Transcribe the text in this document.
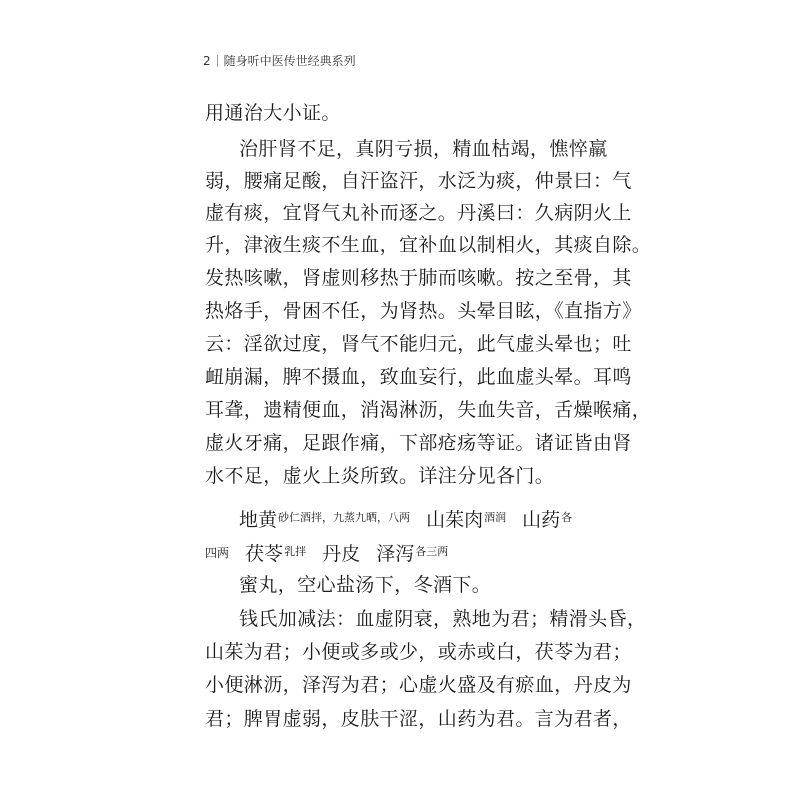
2 随身听中医传世经典系列
用通治大小证。
治肝肾不足，真阴亏损，精血枯竭，憔悴羸
弱，腰痛足酸，自汗盗汗，水泛为痰，仲景曰：气
虚有痰，宜肾气丸补而逐之。丹溪曰：久病阴火上
升，津液生痰不生血，宜补血以制相火，其痰自除。
发热咳嗽，肾虚则移热于肺而咳嗽。按之至骨，其
热烙手，骨困不任，为肾热。头晕目眩，《直指方》
云：淫欲过度，肾气不能归元，此气虚头晕也；吐
衄崩漏，脾不摄血，致血妄行，此血虚头晕。耳鸣
耳聋，遗精便血，消渴淋沥，失血失音，舌燥喉痛，
虚火牙痛，足跟作痛，下部疮疡等证。诸证皆由肾
水不足，虚火上炎所致。详注分见各门。
地黄$^{砂仁酒拌,九蒸九晒,八两}$ 山茱肉$^{酒润}$ 山药$^各$
四两 茯苓$^{乳拌}$ 丹皮 泽泻$^{各三两}$
蜜丸，空心盐汤下，冬酒下。
钱氏加减法：血虚阴衰，熟地为君；精滑头昏，
山茱为君；小便或多或少，或赤或白，茯苓为君；
小便淋沥，泽泻为君；心虚火盛及有瘀血，丹皮为
君；脾胃虚弱，皮肤干涩，山药为君。言为君者，
